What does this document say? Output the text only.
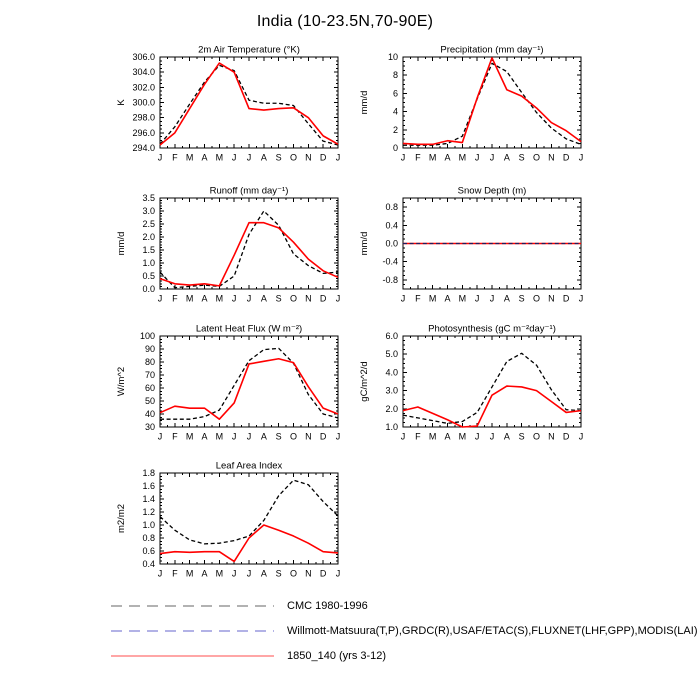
India (10-23.5N,70-90E)
294.0
296.0
298.0
300.0
302.0
304.0
306.0
J F M A M J J A S O N D J
2m Air Temperature (°K)
K
0
2
4
6
8
10
J F M A M J J A S O N D J
Precipitation (mm day⁻¹)
mm/d
0.0
0.5
1.0
1.5
2.0
2.5
3.0
3.5
J F M A M J J A S O N D J
Runoff (mm day⁻¹)
mm/d
-0.8
-0.4
0.0
0.4
0.8
J F M A M J J A S O N D J
Snow Depth (m)
mm/d
30
40
50
60
70
80
90
100
J F M A M J J A S O N D J
Latent Heat Flux (W m⁻²)
W/m^2
1.0
2.0
3.0
4.0
5.0
6.0
J F M A M J J A S O N D J
Photosynthesis (gC m⁻²day⁻¹)
gC/m^2/d
0.4
0.6
0.8
1.0
1.2
1.4
1.6
1.8
J F M A M J J A S O N D J
Leaf Area Index
m2/m2
CMC 1980-1996
Willmott-Matsuura(T,P),GRDC(R),USAF/ETAC(S),FLUXNET(LHF,GPP),MODIS(LAI)
1850_140 (yrs 3-12)
